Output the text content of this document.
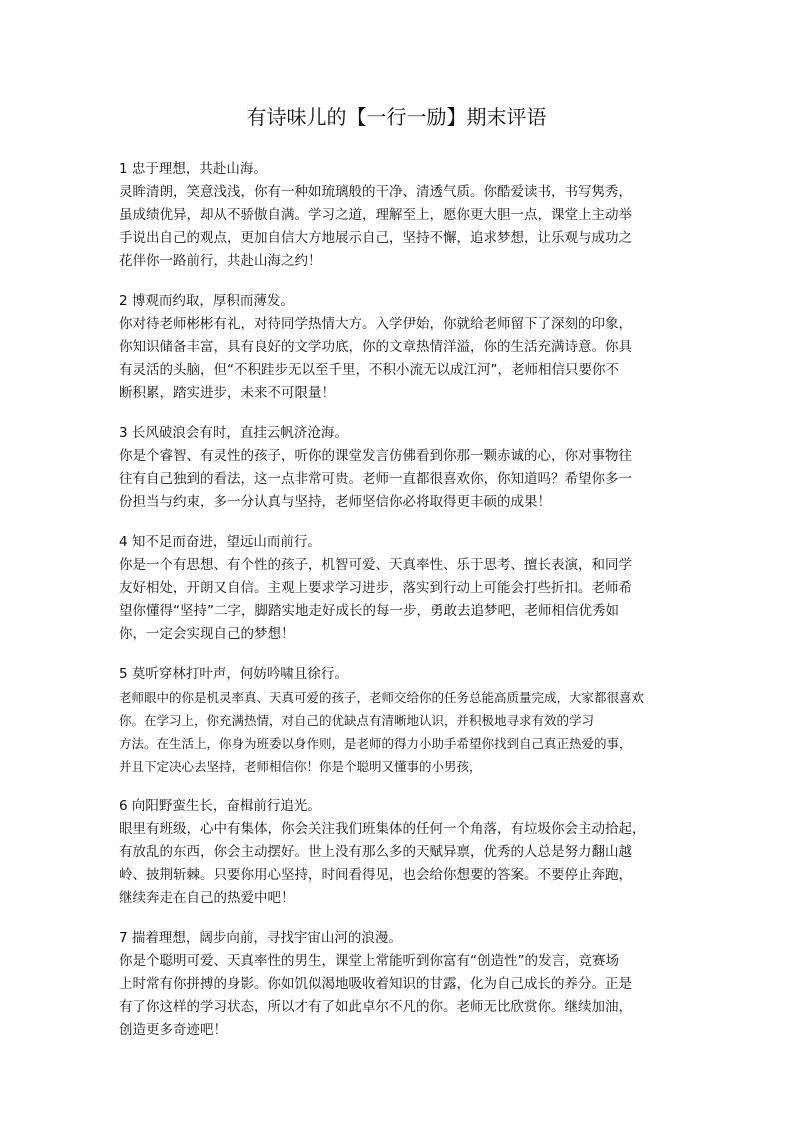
有诗味儿的【一行一励】期末评语
1 忠于理想，共赴山海。
灵眸清朗，笑意浅浅，你有一种如琉璃般的干净、清透气质。你酷爱读书，书写隽秀，
虽成绩优异，却从不骄傲自满。学习之道，理解至上，愿你更大胆一点，课堂上主动举
手说出自己的观点，更加自信大方地展示自己，坚持不懈，追求梦想，让乐观与成功之
花伴你一路前行，共赴山海之约！
2 博观而约取，厚积而薄发。
你对待老师彬彬有礼，对待同学热情大方。入学伊始，你就给老师留下了深刻的印象，
你知识储备丰富，具有良好的文学功底，你的文章热情洋溢，你的生活充满诗意。你具
有灵活的头脑，但“不积跬步无以至千里，不积小流无以成江河”，老师相信只要你不
断积累，踏实进步，未来不可限量！
3 长风破浪会有时，直挂云帆济沧海。
你是个睿智、有灵性的孩子，听你的课堂发言仿佛看到你那一颗赤诚的心，你对事物往
往有自己独到的看法，这一点非常可贵。老师一直都很喜欢你，你知道吗？希望你多一
份担当与约束，多一分认真与坚持，老师坚信你必将取得更丰硕的成果！
4 知不足而奋进，望远山而前行。
你是一个有思想、有个性的孩子，机智可爱、天真率性、乐于思考、擅长表演，和同学
友好相处，开朗又自信。主观上要求学习进步，落实到行动上可能会打些折扣。老师希
望你懂得“坚持”二字，脚踏实地走好成长的每一步，勇敢去追梦吧，老师相信优秀如
你，一定会实现自己的梦想！
5 莫听穿林打叶声，何妨吟啸且徐行。
老师眼中的你是机灵率真、天真可爱的孩子，老师交给你的任务总能高质量完成，大家都很喜欢
你。在学习上，你充满热情，对自己的优缺点有清晰地认识，并积极地寻求有效的学习
方法。在生活上，你身为班委以身作则，是老师的得力小助手希望你找到自己真正热爱的事，
并且下定决心去坚持，老师相信你！你是个聪明又懂事的小男孩，
6 向阳野蛮生长，奋楫前行追光。
眼里有班级，心中有集体，你会关注我们班集体的任何一个角落，有垃圾你会主动拾起，
有放乱的东西，你会主动摆好。世上没有那么多的天赋异禀，优秀的人总是努力翻山越
岭、披荆斩棘。只要你用心坚持，时间看得见，也会给你想要的答案。不要停止奔跑，
继续奔走在自己的热爱中吧！
7 揣着理想，阔步向前，寻找宇宙山河的浪漫。
你是个聪明可爱、天真率性的男生，课堂上常能听到你富有“创造性”的发言，竞赛场
上时常有你拼搏的身影。你如饥似渴地吸收着知识的甘露，化为自己成长的养分。正是
有了你这样的学习状态，所以才有了如此卓尔不凡的你。老师无比欣赏你。继续加油，
创造更多奇迹吧！
